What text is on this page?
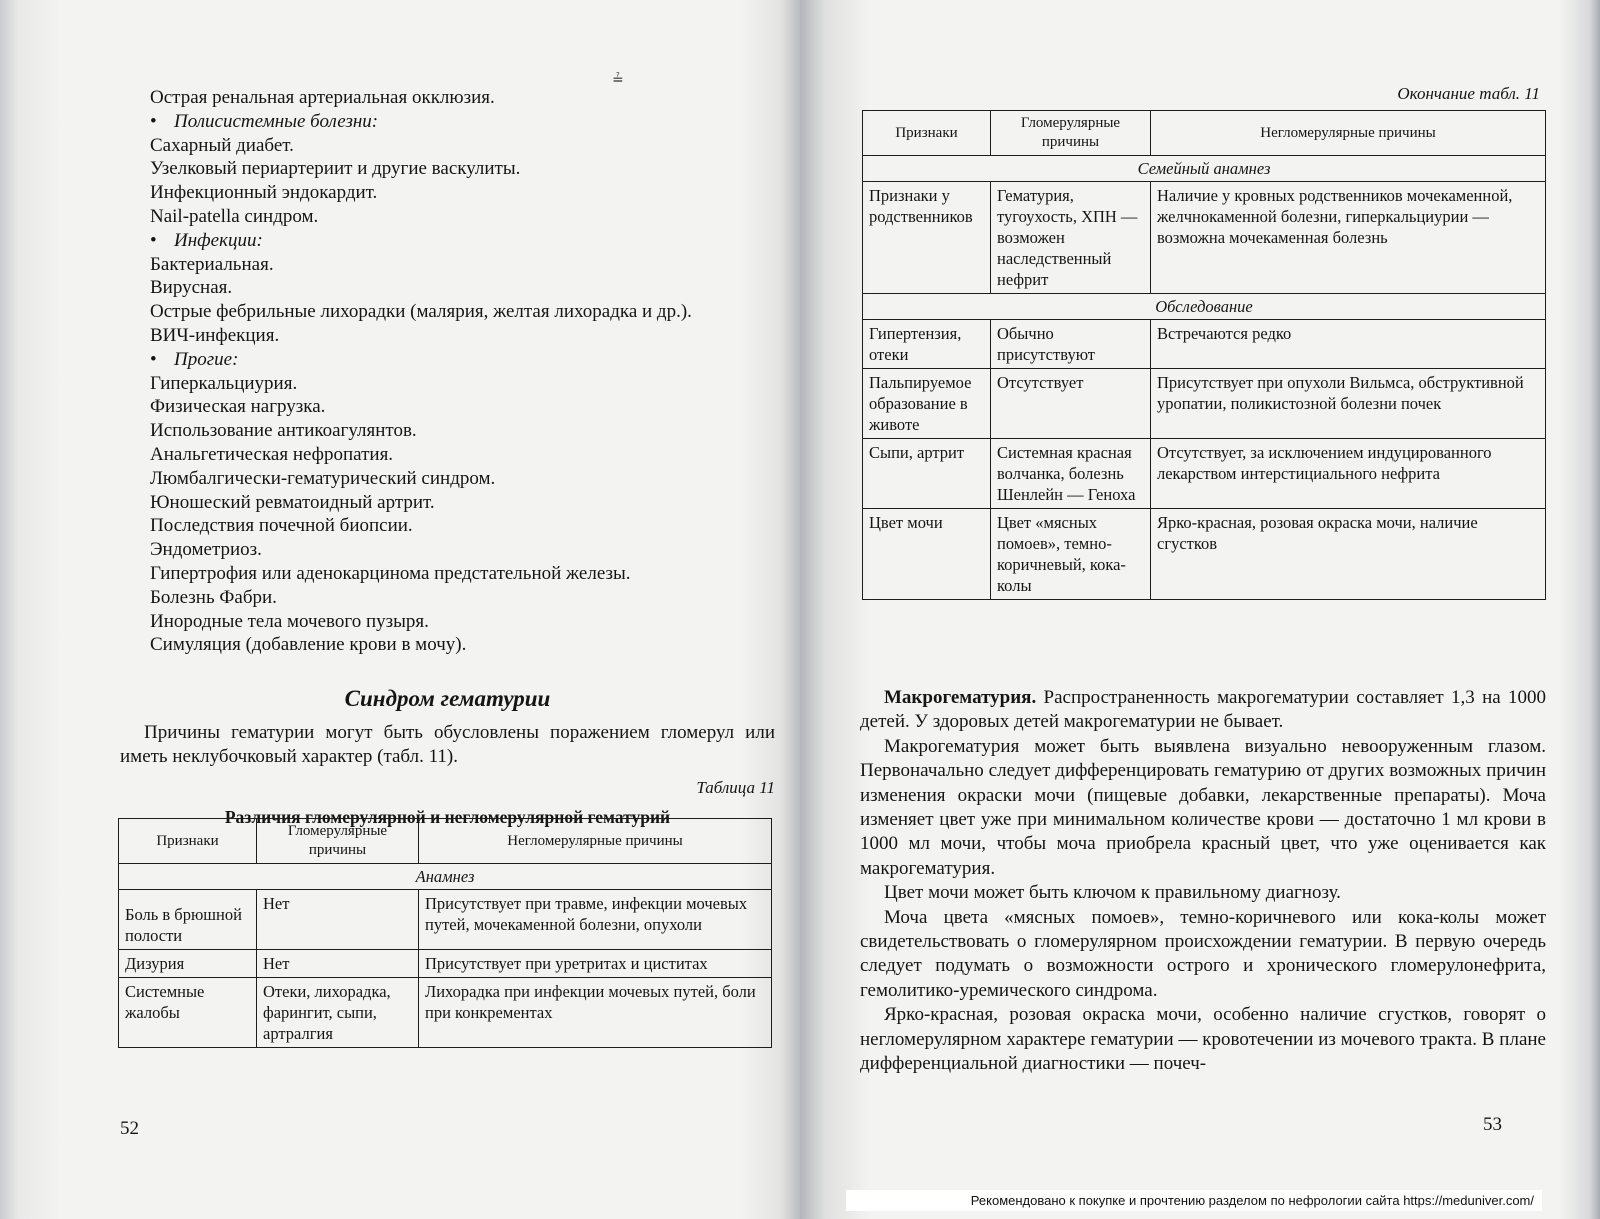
≟

Острая ренальная артериальная окклюзия.

• Полисистемные болезни:

Сахарный диабет.

Узелковый периартериит и другие васкулиты.

Инфекционный эндокардит.

Nail-patella синдром.

• Инфекции:

Бактериальная.

Вирусная.

Острые фебрильные лихорадки (малярия, желтая лихорадка и др.).

ВИЧ-инфекция.

• Прогие:

Гиперкальциурия.

Физическая нагрузка.

Использование антикоагулянтов.

Анальгетическая нефропатия.

Люмбалгически-гематурический синдром.

Юношеский ревматоидный артрит.

Последствия почечной биопсии.

Эндометриоз.

Гипертрофия или аденокарцинома предстательной железы.

Болезнь Фабри.

Инородные тела мочевого пузыря.

Симуляция (добавление крови в мочу).

Синдром гематурии

Причины гематурии могут быть обусловлены поражением гломерул или иметь неклубочковый характер (табл. 11).

Таблица 11
Различия гломерулярной и негломерулярной гематурий
Признаки	Гломерулярные причины	Негломерулярные причины
Анамнез		
Боль в брюшной полости	Нет	Присутствует при травме, инфекции мочевых путей, мочекаменной болезни, опухоли
Дизурия	Нет	Присутствует при уретритах и циститах
Системные жалобы	Отеки, лихорадка, фарингит, сыпи, артралгия	Лихорадка при инфекции мочевых путей, боли при конкрементах
52
Окончание табл. 11
Признаки	Гломерулярные причины	Негломерулярные причины
Семейный анамнез		
Признаки у родственников	Гематурия, тугоухость, ХПН — возможен наследственный нефрит	Наличие у кровных родственников мочекаменной, желчнокаменной болезни, гиперкальциурии — возможна мочекаменная болезнь
Обследование		
Гипертензия, отеки	Обычно присутствуют	Встречаются редко
Пальпируемое образование в животе	Отсутствует	Присутствует при опухоли Вильмса, обструктивной уропатии, поликистозной болезни почек
Сыпи, артрит	Системная красная волчанка, болезнь Шенлейн — Геноха	Отсутствует, за исключением индуцированного лекарством интерстициального нефрита
Цвет мочи	Цвет «мясных помоев», темно-коричневый, кока-колы	Ярко-красная, розовая окраска мочи, наличие сгустков

Макрогематурия. Распространенность макрогематурии составляет 1,3 на 1000 детей. У здоровых детей макрогематурии не бывает.

Макрогематурия может быть выявлена визуально невооруженным глазом. Первоначально следует дифференцировать гематурию от других возможных причин изменения окраски мочи (пищевые добавки, лекарственные препараты). Моча изменяет цвет уже при минимальном количестве крови — достаточно 1 мл крови в 1000 мл мочи, чтобы моча приобрела красный цвет, что уже оценивается как макрогематурия.

Цвет мочи может быть ключом к правильному диагнозу.

Моча цвета «мясных помоев», темно-коричневого или кока-колы может свидетельствовать о гломерулярном происхождении гематурии. В первую очередь следует подумать о возможности острого и хронического гломерулонефрита, гемолитико-уремического синдрома.

Ярко-красная, розовая окраска мочи, особенно наличие сгустков, говорят о негломерулярном характере гематурии — кровотечении из мочевого тракта. В плане дифференциальной диагностики — почеч-

53
Рекомендовано к покупке и прочтению разделом по нефрологии сайта https://meduniver.com/
